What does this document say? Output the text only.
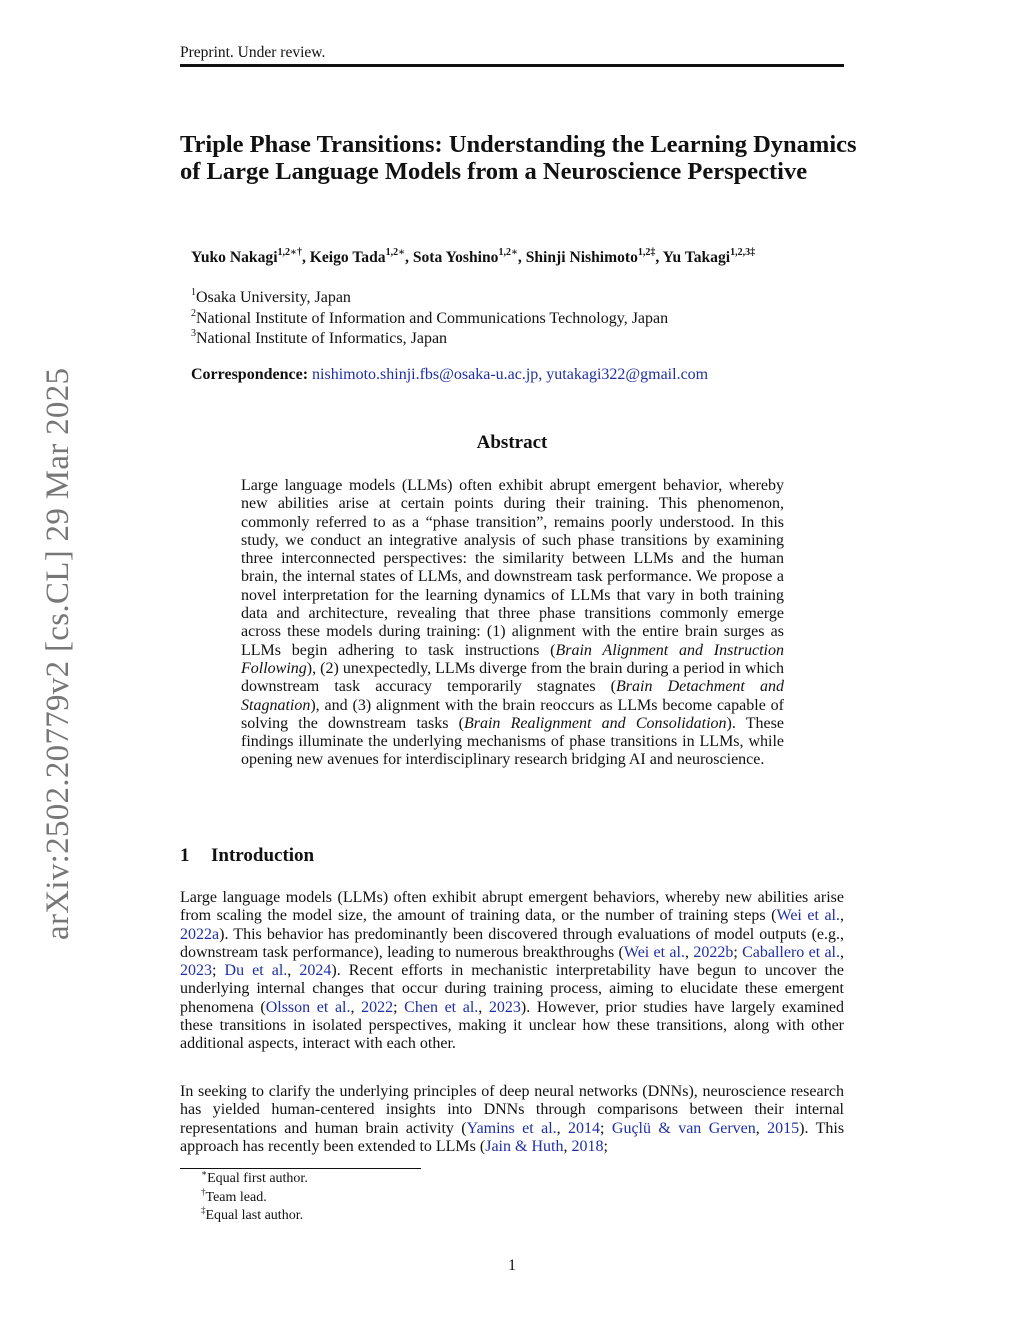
Preprint. Under review.
arXiv:2502.20779v2 [cs.CL] 29 Mar 2025
Triple Phase Transitions: Understanding the Learning Dynamics of Large Language Models from a Neuroscience Perspective
Yuko Nakagi$^{1,2∗\dagger}$, Keigo Tada$^{1,2∗}$, Sota Yoshino$^{1,2∗}$, Shinji Nishimoto$^{1,2\ddagger}$, Yu Takagi$^{1,2,3\ddagger}$
$^1$Osaka University, Japan
$^2$National Institute of Information and Communications Technology, Japan
$^3$National Institute of Informatics, Japan
Correspondence: nishimoto.shinji.fbs@osaka-u.ac.jp, yutakagi322@gmail.com
Abstract
Large language models (LLMs) often exhibit abrupt emergent behavior, whereby new abilities arise at certain points during their training. This phenomenon, commonly referred to as a “phase transition”, remains poorly understood. In this study, we conduct an integrative analysis of such phase transitions by examining three interconnected perspectives: the similarity between LLMs and the human brain, the internal states of LLMs, and downstream task performance. We propose a novel interpretation for the learning dynamics of LLMs that vary in both training data and architecture, revealing that three phase transitions commonly emerge across these models during training: (1) alignment with the entire brain surges as LLMs begin adhering to task instructions (Brain Alignment and Instruction Following), (2) unexpectedly, LLMs diverge from the brain during a period in which downstream task accuracy temporarily stagnates (Brain Detachment and Stagnation), and (3) alignment with the brain reoccurs as LLMs become capable of solving the downstream tasks (Brain Realignment and Consolidation). These findings illuminate the underlying mechanisms of phase transitions in LLMs, while opening new avenues for interdisciplinary research bridging AI and neuroscience.
1 Introduction
Large language models (LLMs) often exhibit abrupt emergent behaviors, whereby new abilities arise from scaling the model size, the amount of training data, or the number of training steps (Wei et al., 2022a). This behavior has predominantly been discovered through evaluations of model outputs (e.g., downstream task performance), leading to numerous breakthroughs (Wei et al., 2022b; Caballero et al., 2023; Du et al., 2024). Recent efforts in mechanistic interpretability have begun to uncover the underlying internal changes that occur during training process, aiming to elucidate these emergent phenomena (Olsson et al., 2022; Chen et al., 2023). However, prior studies have largely examined these transitions in isolated perspectives, making it unclear how these transitions, along with other additional aspects, interact with each other.
In seeking to clarify the underlying principles of deep neural networks (DNNs), neuroscience research has yielded human-centered insights into DNNs through comparisons between their internal representations and human brain activity (Yamins et al., 2014; Guçlü & van Gerven, 2015). This approach has recently been extended to LLMs (Jain & Huth, 2018;
∗Equal first author.
†Team lead.
‡Equal last author.
1
